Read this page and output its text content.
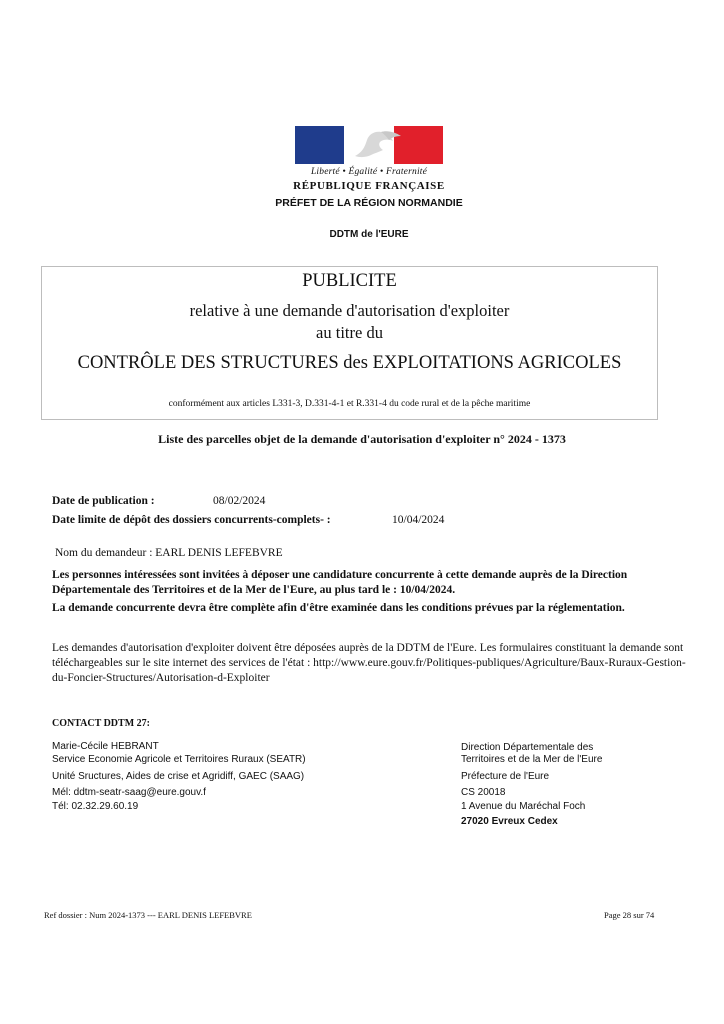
Liberté • Égalité • Fraternité
RÉPUBLIQUE FRANÇAISE
PRÉFET DE LA RÉGION NORMANDIE
DDTM de l'EURE
PUBLICITE
relative à une demande d'autorisation d'exploiter
au titre du
CONTRÔLE DES STRUCTURES des EXPLOITATIONS AGRICOLES
conformément aux articles L331-3, D.331-4-1 et R.331-4 du code rural et de la pêche maritime
Liste des parcelles objet de la demande d'autorisation d'exploiter n° 2024 - 1373
Date de publication :	08/02/2024
Date limite de dépôt des dossiers concurrents-complets- :	10/04/2024
Nom du demandeur : EARL DENIS LEFEBVRE
Les personnes intéressées sont invitées à déposer une candidature concurrente à cette demande auprès de la Direction Départementale des Territoires et de la Mer de l'Eure, au plus tard le : 10/04/2024.
La demande concurrente devra être complète afin d'être examinée dans les conditions prévues par la réglementation.
Les demandes d'autorisation d'exploiter doivent être déposées auprès de la DDTM de l'Eure. Les formulaires constituant la demande sont téléchargeables sur le site internet des services de l'état : http://www.eure.gouv.fr/Politiques-publiques/Agriculture/Baux-Ruraux-Gestion-du-Foncier-Structures/Autorisation-d-Exploiter
CONTACT DDTM 27:
Marie-Cécile HEBRANT
Service Economie Agricole et Territoires Ruraux (SEATR)
Unité Sructures, Aides de crise et Agridiff, GAEC (SAAG)
Mél: ddtm-seatr-saag@eure.gouv.f
Tél: 02.32.29.60.19
Direction Départementale des
Territoires et de la Mer de l'Eure
Préfecture de l'Eure
CS 20018
1 Avenue du Maréchal Foch
27020 Evreux Cedex
Ref dossier : Num 2024-1373 --- EARL DENIS LEFEBVRE	Page 28 sur 74
